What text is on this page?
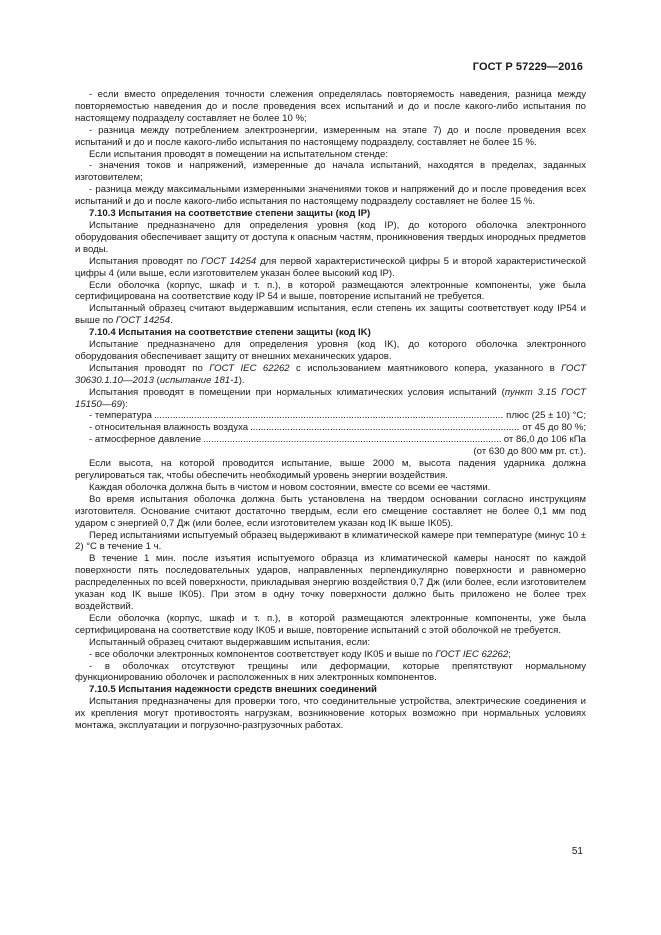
ГОСТ Р 57229—2016

- если вместо определения точности слежения определялась повторяемость наведения, разница между повторяемостью наведения до и после проведения всех испытаний и до и после какого-либо испытания по настоящему подразделу составляет не более 10 %;

- разница между потреблением электроэнергии, измеренным на этапе 7) до и после проведения всех испытаний и до и после какого-либо испытания по настоящему подразделу, составляет не более 15 %.

Если испытания проводят в помещении на испытательном стенде:

- значения токов и напряжений, измеренные до начала испытаний, находятся в пределах, заданных изготовителем;

- разница между максимальными измеренными значениями токов и напряжений до и после проведения всех испытаний и до и после какого-либо испытания по настоящему подразделу составляет не более 15 %.

7.10.3 Испытания на соответствие степени защиты (код IP)

Испытание предназначено для определения уровня (код IP), до которого оболочка электронного оборудования обеспечивает защиту от доступа к опасным частям, проникновения твердых инородных предметов и воды.

Испытания проводят по ГОСТ 14254 для первой характеристической цифры 5 и второй характеристической цифры 4 (или выше, если изготовителем указан более высокий код IP).

Если оболочка (корпус, шкаф и т. п.), в которой размещаются электронные компоненты, уже была сертифицирована на соответствие коду IP 54 и выше, повторение испытаний не требуется.

Испытанный образец считают выдержавшим испытания, если степень их защиты соответствует коду IP54 и выше по ГОСТ 14254.

7.10.4 Испытания на соответствие степени защиты (код IK)

Испытание предназначено для определения уровня (код IK), до которого оболочка электронного оборудования обеспечивает защиту от внешних механических ударов.

Испытания проводят по ГОСТ IEC 62262 с использованием маятникового копера, указанного в ГОСТ 30630.1.10—2013 (испытание 181-1).

Испытания проводят в помещении при нормальных климатических условия испытаний (пункт 3.15 ГОСТ 15150—69):

- температура .....	плюс (25 ± 10) °С;
- относительная влажность воздуха .....	от 45 до 80 %;
- атмосферное давление .....	от 86,0 до 106 кПа

(от 630 до 800 мм рт. ст.).

Если высота, на которой проводится испытание, выше 2000 м, высота падения ударника должна регулироваться так, чтобы обеспечить необходимый уровень энергии воздействия.

Каждая оболочка должна быть в чистом и новом состоянии, вместе со всеми ее частями.

Во время испытания оболочка должна быть установлена на твердом основании согласно инструкциям изготовителя. Основание считают достаточно твердым, если его смещение составляет не более 0,1 мм под ударом с энергией 0,7 Дж (или более, если изготовителем указан код IK выше IK05).

Перед испытаниями испытуемый образец выдерживают в климатической камере при температуре (минус 10 ± 2) °С в течение 1 ч.

В течение 1 мин. после изъятия испытуемого образца из климатической камеры наносят по каждой поверхности пять последовательных ударов, направленных перпендикулярно поверхности и равномерно распределенных по всей поверхности, прикладывая энергию воздействия 0,7 Дж (или более, если изготовителем указан код IK выше IK05). При этом в одну точку поверхности должно быть приложено не более трех воздействий.

Если оболочка (корпус, шкаф и т. п.), в которой размещаются электронные компоненты, уже была сертифицирована на соответствие коду IK05 и выше, повторение испытаний с этой оболочкой не требуется.

Испытанный образец считают выдержавшим испытания, если:

- все оболочки электронных компонентов соответствует коду IK05 и выше по ГОСТ IEC 62262;

- в оболочках отсутствуют трещины или деформации, которые препятствуют нормальному функционированию оболочек и расположенных в них электронных компонентов.

7.10.5 Испытания надежности средств внешних соединений

Испытания предназначены для проверки того, что соединительные устройства, электрические соединения и их крепления могут противостоять нагрузкам, возникновение которых возможно при нормальных условиях монтажа, эксплуатации и погрузочно-разгрузочных работах.

51
